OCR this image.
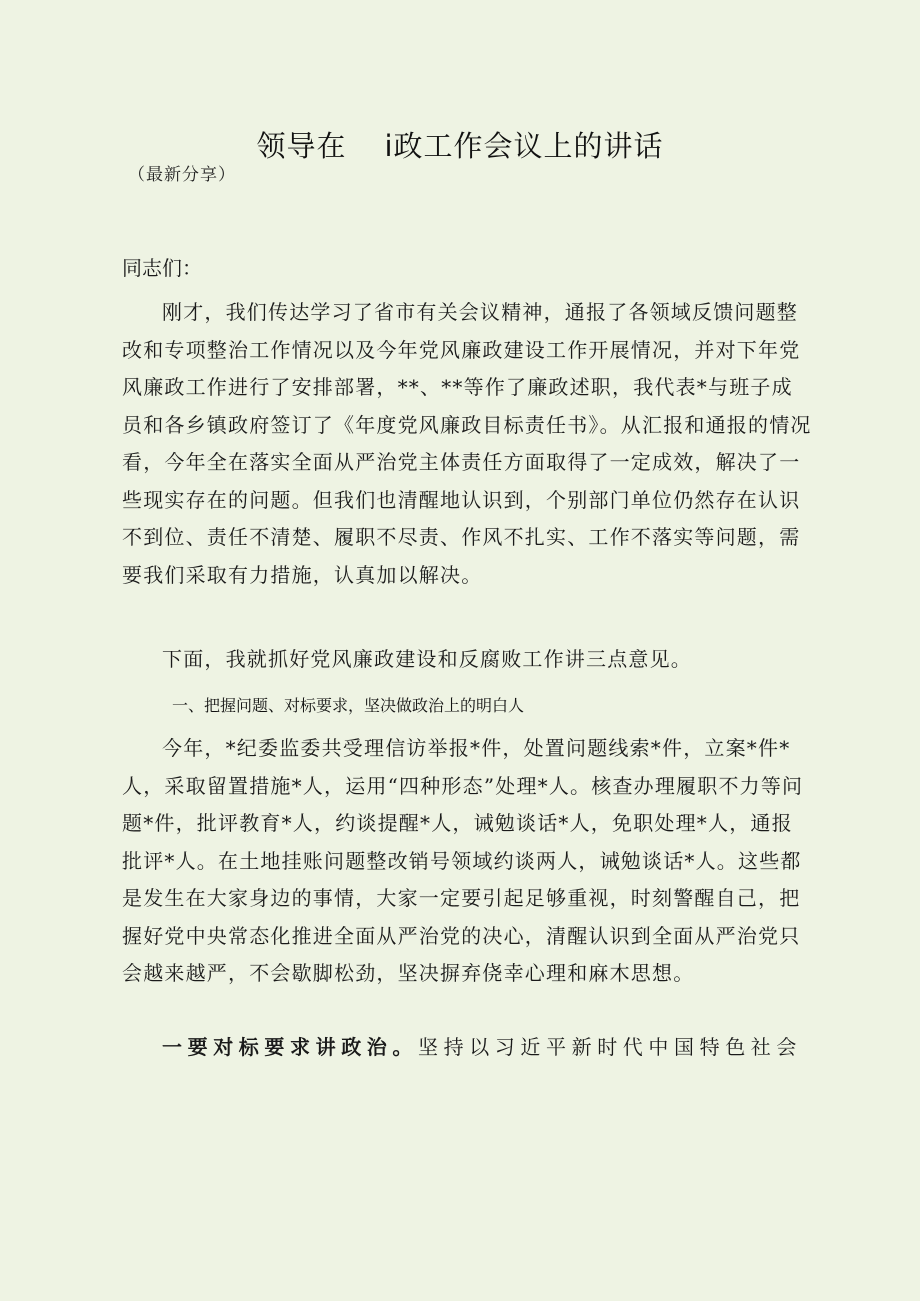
领导在 i政工作会议上的讲话
（最新分享）
同志们：

刚才，我们传达学习了省市有关会议精神，通报了各领域反馈问题整改和专项整治工作情况以及今年党风廉政建设工作开展情况，并对下年党风廉政工作进行了安排部署，**、**等作了廉政述职，我代表*与班子成员和各乡镇政府签订了《年度党风廉政目标责任书》。从汇报和通报的情况看，今年全在落实全面从严治党主体责任方面取得了一定成效，解决了一些现实存在的问题。但我们也清醒地认识到，个别部门单位仍然存在认识不到位、责任不清楚、履职不尽责、作风不扎实、工作不落实等问题，需要我们采取有力措施，认真加以解决。

下面，我就抓好党风廉政建设和反腐败工作讲三点意见。

一、把握问题、对标要求，坚决做政治上的明白人

今年，*纪委监委共受理信访举报*件，处置问题线索*件，立案*件*人，采取留置措施*人，运用“四种形态”处理*人。核查办理履职不力等问题*件，批评教育*人，约谈提醒*人，诫勉谈话*人，免职处理*人，通报批评*人。在土地挂账问题整改销号领域约谈两人，诫勉谈话*人。这些都是发生在大家身边的事情，大家一定要引起足够重视，时刻警醒自己，把握好党中央常态化推进全面从严治党的决心，清醒认识到全面从严治党只会越来越严，不会歇脚松劲，坚决摒弃侥幸心理和麻木思想。

一要对标要求讲政治。坚持以习近平新时代中国特色社会
